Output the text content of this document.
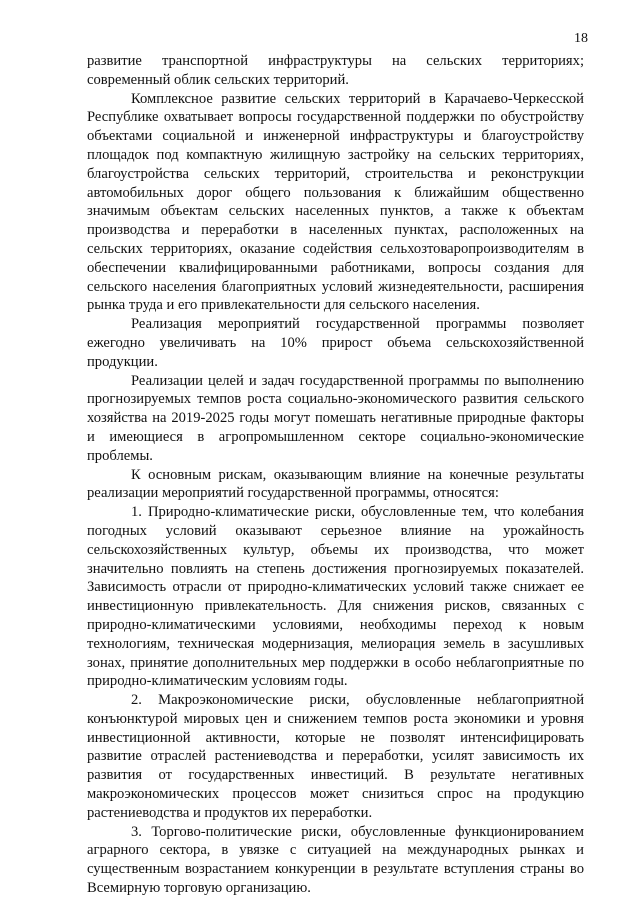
18

развитие транспортной инфраструктуры на сельских территориях; современный облик сельских территорий.

Комплексное развитие сельских территорий в Карачаево-Черкесской Республике охватывает вопросы государственной поддержки по обустройству объектами социальной и инженерной инфраструктуры и благоустройству площадок под компактную жилищную застройку на сельских территориях, благоустройства сельских территорий, строительства и реконструкции автомобильных дорог общего пользования к ближайшим общественно значимым объектам сельских населенных пунктов, а также к объектам производства и переработки в населенных пунктах, расположенных на сельских территориях, оказание содействия сельхозтоваропроизводителям в обеспечении квалифицированными работниками, вопросы создания для сельского населения благоприятных условий жизнедеятельности, расширения рынка труда и его привлекательности для сельского населения.

Реализация мероприятий государственной программы позволяет ежегодно увеличивать на 10% прирост объема сельскохозяйственной продукции.

Реализации целей и задач государственной программы по выполнению прогнозируемых темпов роста социально-экономического развития сельского хозяйства на 2019-2025 годы могут помешать негативные природные факторы и имеющиеся в агропромышленном секторе социально-экономические проблемы.

К основным рискам, оказывающим влияние на конечные результаты реализации мероприятий государственной программы, относятся:

1. Природно-климатические риски, обусловленные тем, что колебания погодных условий оказывают серьезное влияние на урожайность сельскохозяйственных культур, объемы их производства, что может значительно повлиять на степень достижения прогнозируемых показателей. Зависимость отрасли от природно-климатических условий также снижает ее инвестиционную привлекательность. Для снижения рисков, связанных с природно-климатическими условиями, необходимы переход к новым технологиям, техническая модернизация, мелиорация земель в засушливых зонах, принятие дополнительных мер поддержки в особо неблагоприятные по природно-климатическим условиям годы.

2. Макроэкономические риски, обусловленные неблагоприятной конъюнктурой мировых цен и снижением темпов роста экономики и уровня инвестиционной активности, которые не позволят интенсифицировать развитие отраслей растениеводства и переработки, усилят зависимость их развития от государственных инвестиций. В результате негативных макроэкономических процессов может снизиться спрос на продукцию растениеводства и продуктов их переработки.

3. Торгово-политические риски, обусловленные функционированием аграрного сектора, в увязке с ситуацией на международных рынках и существенным возрастанием конкуренции в результате вступления страны во Всемирную торговую организацию.
